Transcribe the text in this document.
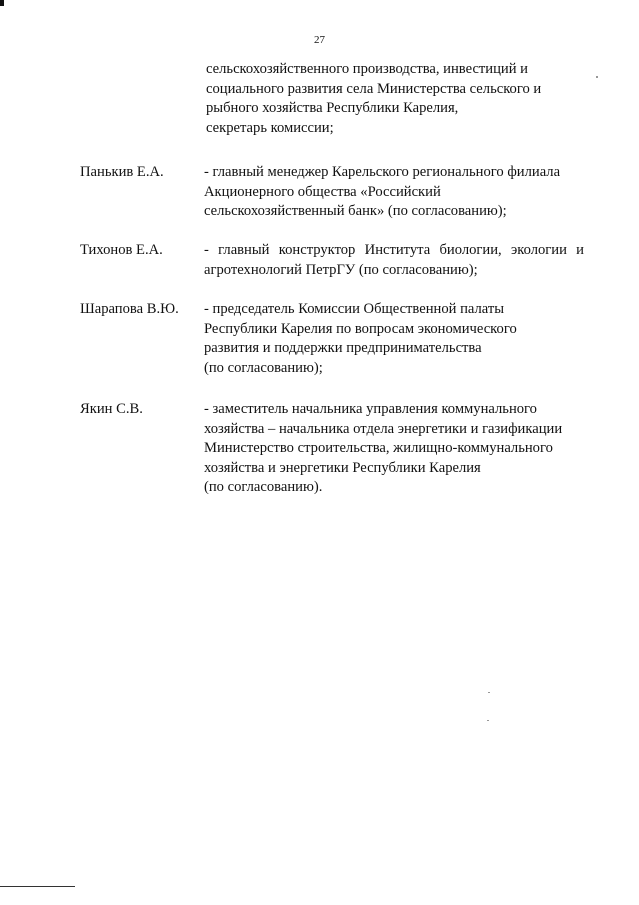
27
сельскохозяйственного производства, инвестиций и
социального развития села Министерства сельского и
рыбного хозяйства Республики Карелия,
секретарь комиссии;
Панькив Е.А.	- главный менеджер Карельского регионального филиала
Акционерного общества «Российский
сельскохозяйственный банк» (по согласованию);
Тихонов Е.А.	- главный конструктор Института биологии, экологии и
агротехнологий ПетрГУ (по согласованию);
Шарапова В.Ю.	- председатель Комиссии Общественной палаты
Республики Карелия по вопросам экономического
развития и поддержки предпринимательства
(по согласованию);
Якин С.В.	- заместитель начальника управления коммунального
хозяйства – начальника отдела энергетики и газификации
Министерство строительства, жилищно-коммунального
хозяйства и энергетики Республики Карелия
(по согласованию).
